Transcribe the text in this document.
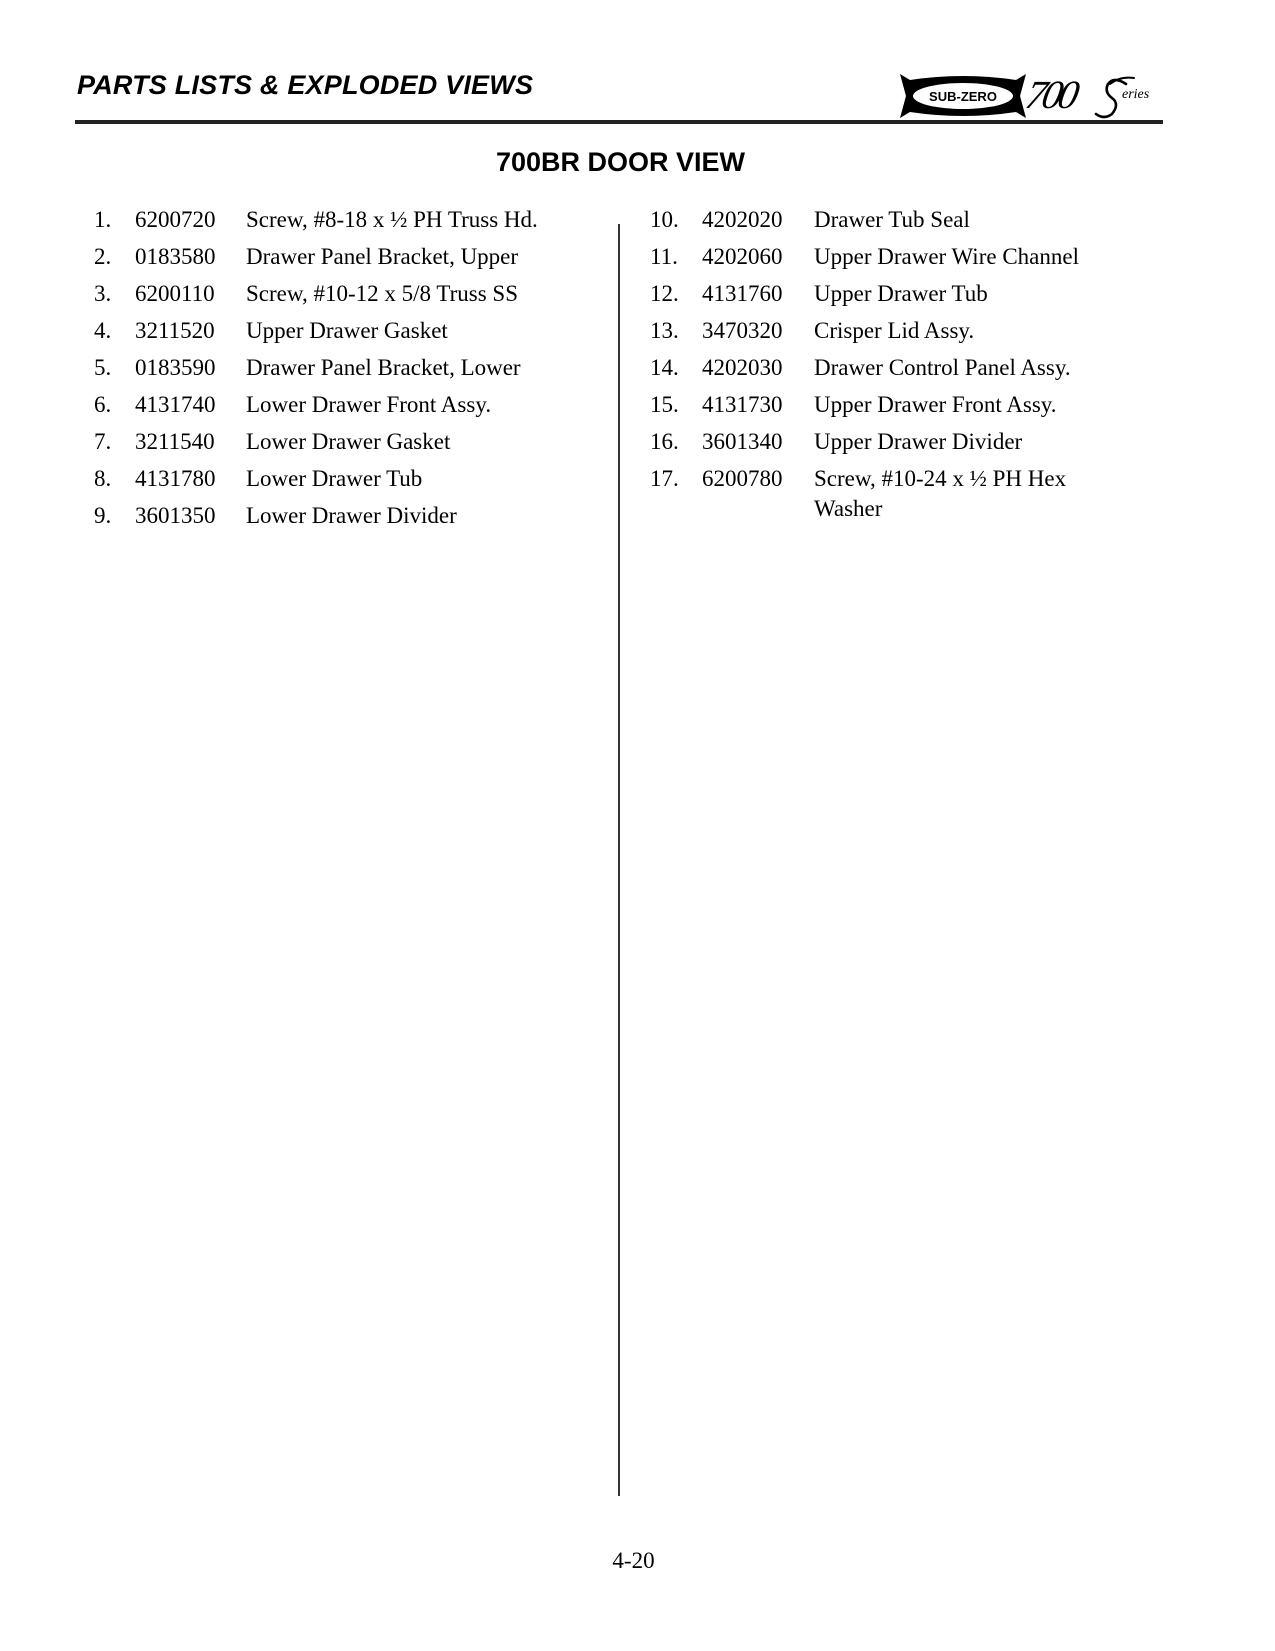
PARTS LISTS & EXPLODED VIEWS	SUB-ZERO 700	eries
700BR DOOR VIEW
1. 6200720 Screw, #8-18 x ½ PH Truss Hd.
2. 0183580 Drawer Panel Bracket, Upper
3. 6200110 Screw, #10-12 x 5/8 Truss SS
4. 3211520 Upper Drawer Gasket
5. 0183590 Drawer Panel Bracket, Lower
6. 4131740 Lower Drawer Front Assy.
7. 3211540 Lower Drawer Gasket
8. 4131780 Lower Drawer Tub
9. 3601350 Lower Drawer Divider
10. 4202020 Drawer Tub Seal
11. 4202060 Upper Drawer Wire Channel
12. 4131760 Upper Drawer Tub
13. 3470320 Crisper Lid Assy.
14. 4202030 Drawer Control Panel Assy.
15. 4131730 Upper Drawer Front Assy.
16. 3601340 Upper Drawer Divider
17. 6200780 Screw, #10-24 x ½ PH Hex Washer
4-20
